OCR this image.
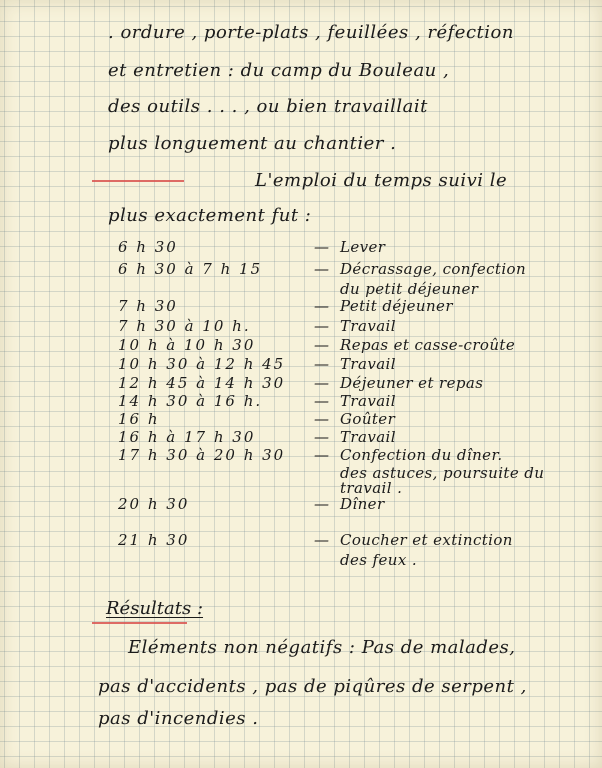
. ordure , porte-plats , feuillées , réfection
et entretien : du camp du Bouleau ,
des outils . . . , ou bien travaillait
plus longuement au chantier .
L'emploi du temps suivi le
plus exactement fut :
6 h 30	— Lever
6 h 30 à 7 h 15	— Décrassage, confection
du petit déjeuner
7 h 30	— Petit déjeuner
7 h 30 à 10 h.	— Travail
10 h à 10 h 30	— Repas et casse-croûte
10 h 30 à 12 h 45 — Travail
12 h 45 à 14 h 30 — Déjeuner et repas
14 h 30 à 16 h.	— Travail
16 h	— Goûter
16 h à 17 h 30	— Travail
17 h 30 à 20 h 30 — Confection du dîner.
des astuces, poursuite du
travail .
20 h 30	— Dîner
21 h 30	— Coucher et extinction
des feux .
Résultats :
Eléments non négatifs : Pas de malades,
pas d'accidents , pas de piqûres de serpent ,
pas d'incendies .
